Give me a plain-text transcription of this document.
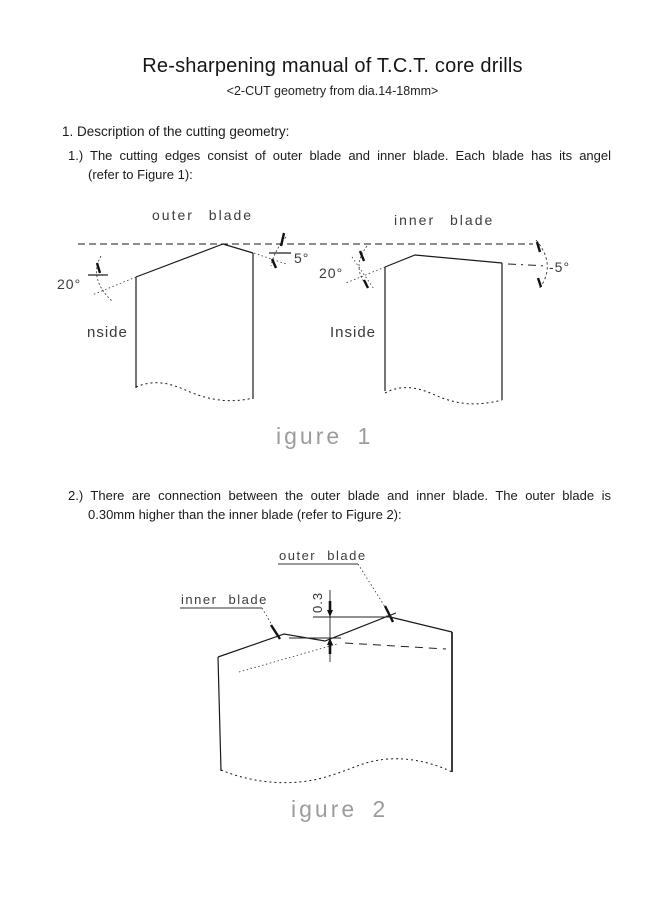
Re-sharpening manual of T.C.T. core drills
<2-CUT geometry from dia.14-18mm>
1. Description of the cutting geometry:
1.) The cutting edges consist of outer blade and inner blade. Each blade has its angel
(refer to Figure 1):
outer blade	inner blade
5°
20°
20°	-5°
nside	Inside
igure 1
2.) There are connection between the outer blade and inner blade. The outer blade is
0.30mm higher than the inner blade (refer to Figure 2):
outer blade
inner blade	0.3
igure 2
